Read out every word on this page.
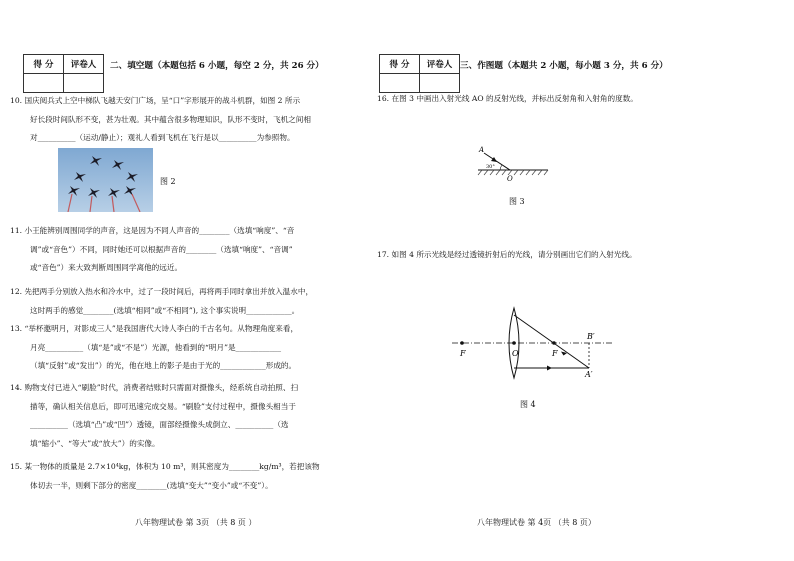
得 分	评卷人
	二、填空题（本题包括 6 小题，每空 2 分，共 26 分）
10. 国庆阅兵式上空中梯队飞越天安门广场，呈“口”字形展开的战斗机群，如图 2 所示
好长段时间队形不变，甚为壮观。其中蕴含很多物理知识，队形不变时，飞机之间相
对__________（运动/静止）；观礼人看到飞机在飞行是以__________为参照物。
图 2
11. 小王能辨别周围同学的声音，这是因为不同人声音的________（选填“响度”、“音
调”或“音色”）不同，同时她还可以根据声音的________（选填“响度”、“音调”
或“音色”）来大致判断周围同学离他的远近。
12. 先把两手分别放入热水和冷水中，过了一段时间后，再将两手同时拿出并放入温水中，
这时两手的感觉________(选填“相同”或“不相同”), 这个事实说明____________。
13. “举杯邀明月，对影成三人”是我国唐代大诗人李白的千古名句。从物理角度来看，
月亮__________（填“是”或“不是”）光源，他看到的“明月”是____________
（填“反射”或“发出”）的光，他在地上的影子是由于光的____________形成的。
14. 购物支付已进入“刷脸”时代，消费者结账时只需面对摄像头，经系统自动拍照、扫
描等，确认相关信息后，即可迅速完成交易。“刷脸”支付过程中，摄像头相当于
__________（选填“凸”或“凹”）透镜，面部经摄像头成倒立、__________（选
填“缩小”、“等大”或“放大”）的实像。
15. 某一物体的质量是 2.7×10⁴kg，体积为 10 m³，则其密度为________kg/m³，若把该物
体切去一半，则剩下部分的密度________(选填“变大”“变小”或“不变”）。
八年物理试卷 第 3页 （共 8 页 ）
得 分	评卷人
	三、作图题（本题共 2 小题，每小题 3 分，共 6 分）
16. 在图 3 中画出入射光线 AO 的反射光线，并标出反射角和入射角的度数。
A
O
30°
图 3
17. 如图 4 所示光线是经过透镜折射后的光线，请分别画出它们的入射光线。
F	O	F
B′
A′
图 4
八年物理试卷 第 4页 （共 8 页）
